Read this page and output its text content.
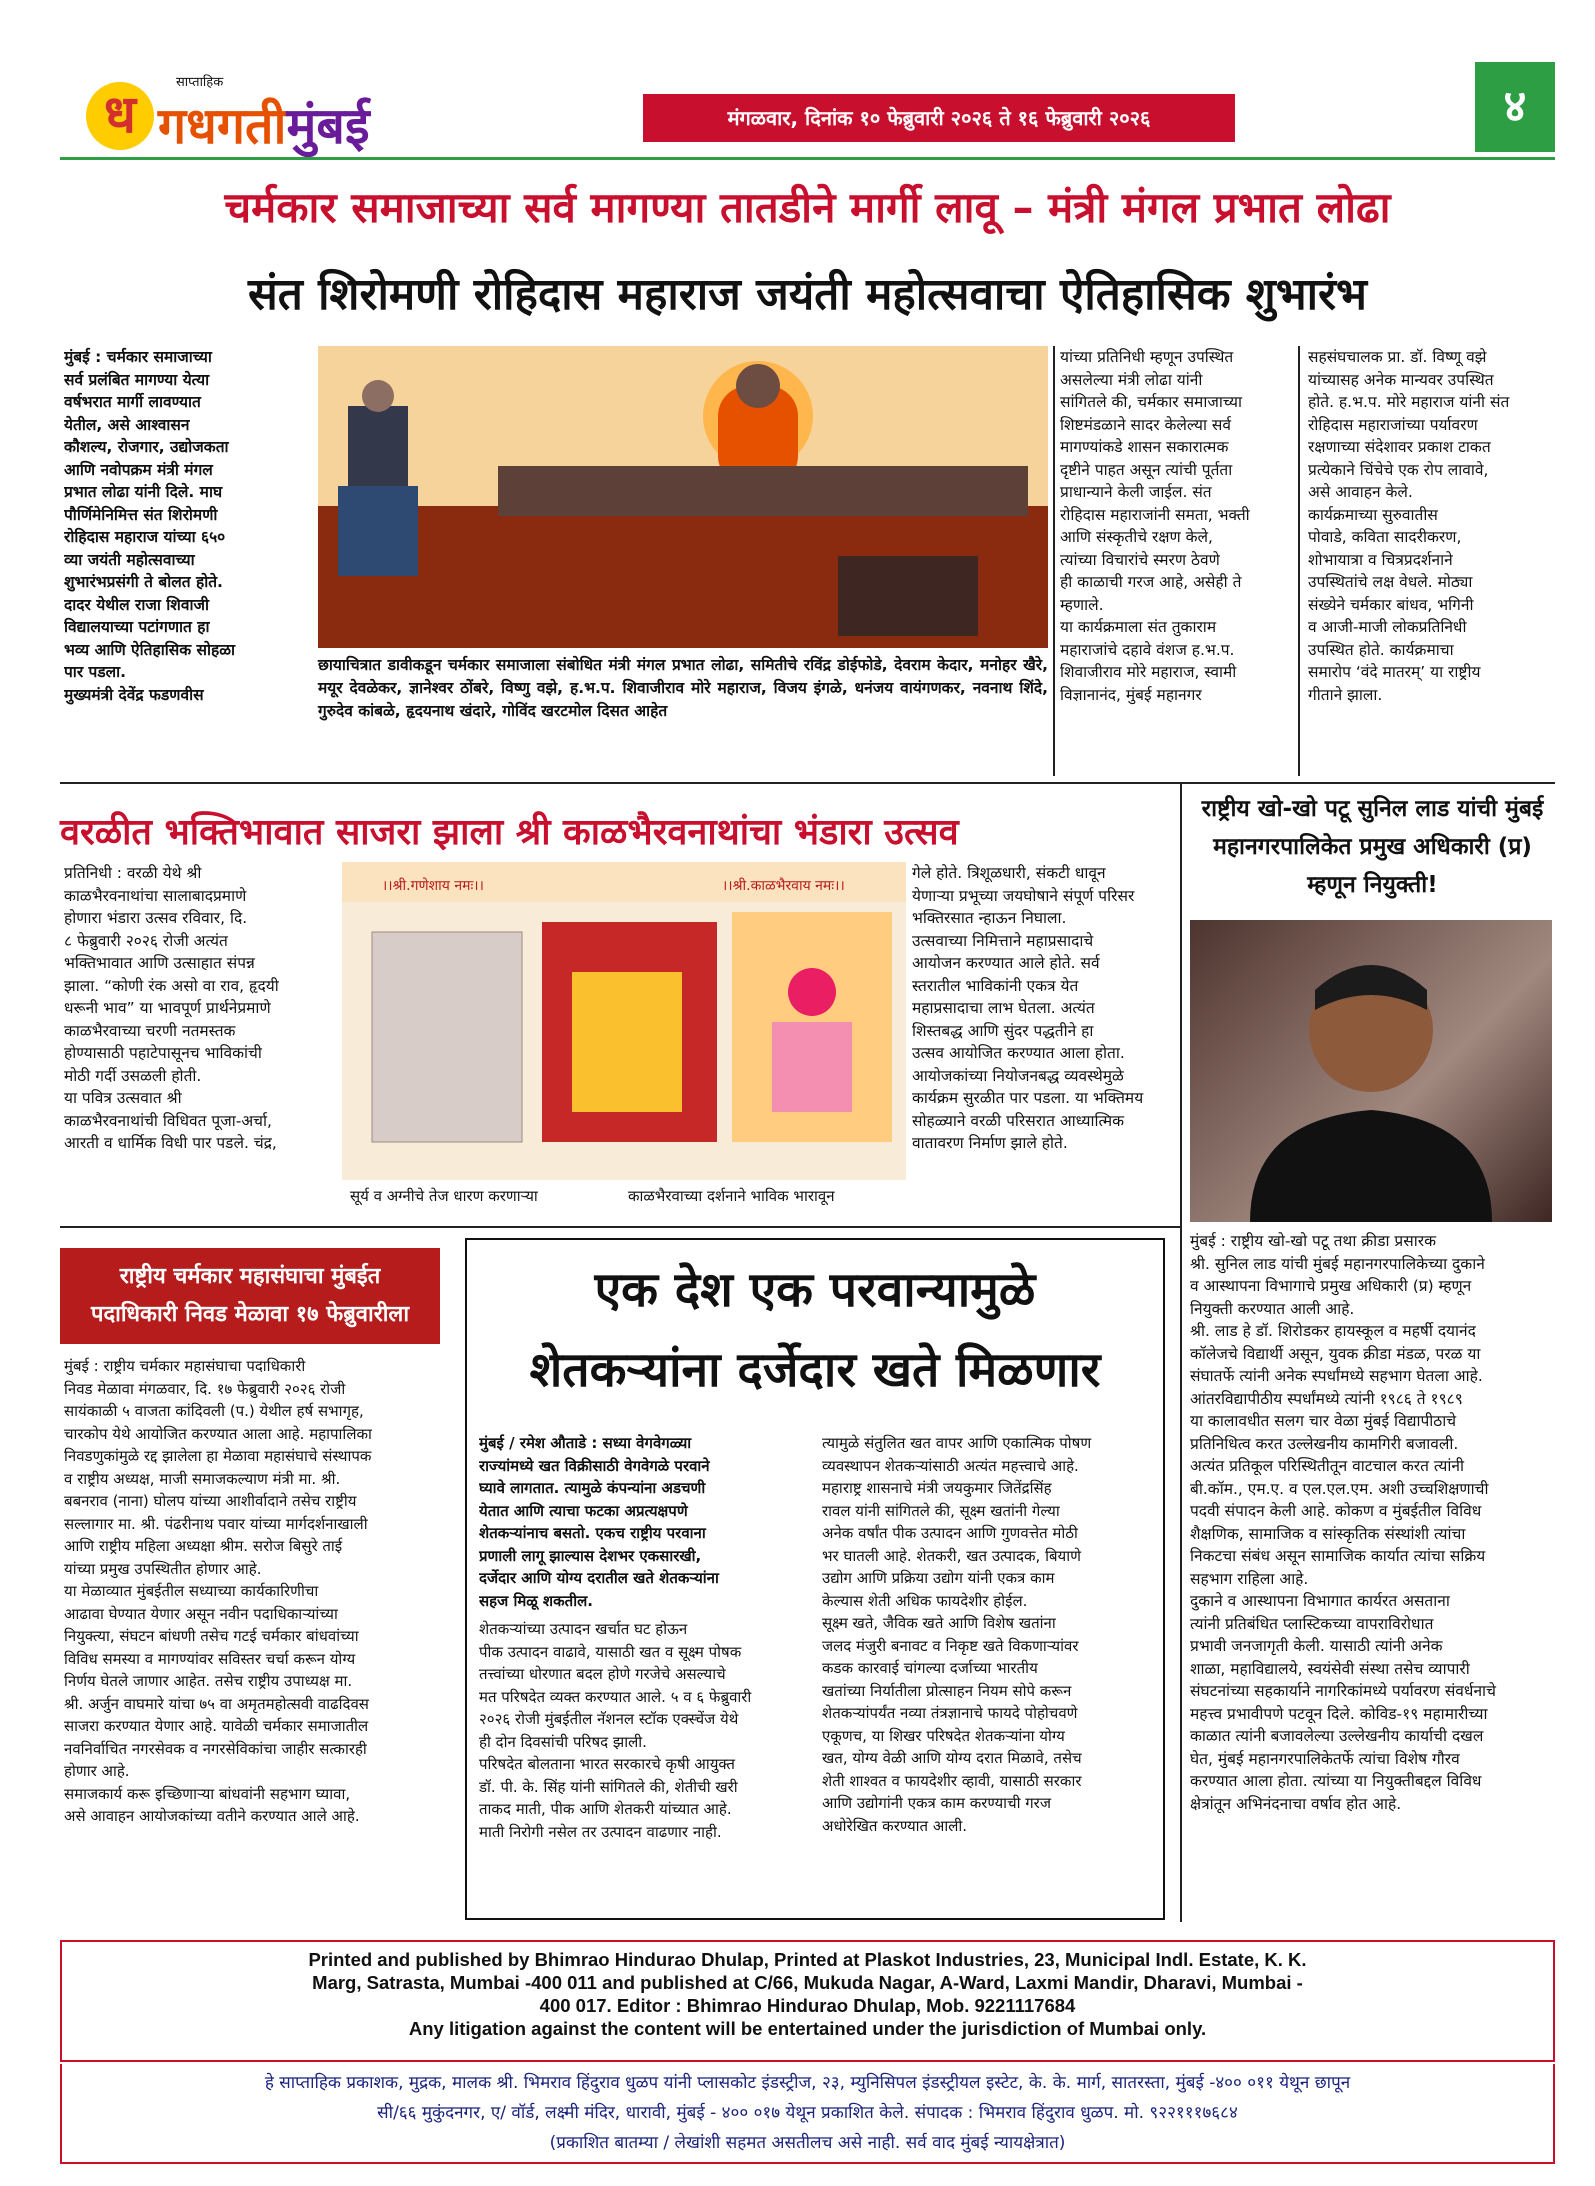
साप्ताहिक
ध गधगतीमुंबई	मंगळवार, दिनांक १० फेब्रुवारी २०२६ ते १६ फेब्रुवारी २०२६	४
चर्मकार समाजाच्या सर्व मागण्या तातडीने मार्गी लावू – मंत्री मंगल प्रभात लोढा
संत शिरोमणी रोहिदास महाराज जयंती महोत्सवाचा ऐतिहासिक शुभारंभ
मुंबई : चर्मकार समाजाच्या
सर्व प्रलंबित मागण्या येत्या
वर्षभरात मार्गी लावण्यात
येतील, असे आश्वासन
कौशल्य, रोजगार, उद्योजकता
आणि नवोपक्रम मंत्री मंगल
प्रभात लोढा यांनी दिले. माघ
पौर्णिमेनिमित्त संत शिरोमणी
रोहिदास महाराज यांच्या ६५०
व्या जयंती महोत्सवाच्या
शुभारंभप्रसंगी ते बोलत होते.
दादर येथील राजा शिवाजी
विद्यालयाच्या पटांगणात हा
भव्य आणि ऐतिहासिक सोहळा
पार पडला.
मुख्यमंत्री देवेंद्र फडणवीस
छायाचित्रात डावीकडून चर्मकार समाजाला संबोधित मंत्री मंगल प्रभात लोढा, समितीचे रविंद्र डोईफोडे, देवराम केदार, मनोहर खैरे, मयूर देवळेकर, ज्ञानेश्वर ठोंबरे, विष्णु वझे, ह.भ.प. शिवाजीराव मोरे महाराज, विजय इंगळे, धनंजय वायंगणकर, नवनाथ शिंदे, गुरुदेव कांबळे, हृदयनाथ खंदारे, गोविंद खरटमोल दिसत आहेत
यांच्या प्रतिनिधी म्हणून उपस्थित
असलेल्या मंत्री लोढा यांनी
सांगितले की, चर्मकार समाजाच्या
शिष्टमंडळाने सादर केलेल्या सर्व
मागण्यांकडे शासन सकारात्मक
दृष्टीने पाहत असून त्यांची पूर्तता
प्राधान्याने केली जाईल. संत
रोहिदास महाराजांनी समता, भक्ती
आणि संस्कृतीचे रक्षण केले,
त्यांच्या विचारांचे स्मरण ठेवणे
ही काळाची गरज आहे, असेही ते
म्हणाले.
या कार्यक्रमाला संत तुकाराम
महाराजांचे दहावे वंशज ह.भ.प.
शिवाजीराव मोरे महाराज, स्वामी
विज्ञानानंद, मुंबई महानगर
सहसंघचालक प्रा. डॉ. विष्णू वझे
यांच्यासह अनेक मान्यवर उपस्थित
होते. ह.भ.प. मोरे महाराज यांनी संत
रोहिदास महाराजांच्या पर्यावरण
रक्षणाच्या संदेशावर प्रकाश टाकत
प्रत्येकाने चिंचेचे एक रोप लावावे,
असे आवाहन केले.
कार्यक्रमाच्या सुरुवातीस
पोवाडे, कविता सादरीकरण,
शोभायात्रा व चित्रप्रदर्शनाने
उपस्थितांचे लक्ष वेधले. मोठ्या
संख्येने चर्मकार बांधव, भगिनी
व आजी-माजी लोकप्रतिनिधी
उपस्थित होते. कार्यक्रमाचा
समारोप ‘वंदे मातरम्’ या राष्ट्रीय
गीताने झाला.
वरळीत भक्तिभावात साजरा झाला श्री काळभैरवनाथांचा भंडारा उत्सव
प्रतिनिधी : वरळी येथे श्री
काळभैरवनाथांचा सालाबादप्रमाणे
होणारा भंडारा उत्सव रविवार, दि.
८ फेब्रुवारी २०२६ रोजी अत्यंत
भक्तिभावात आणि उत्साहात संपन्न
झाला. “कोणी रंक असो वा राव, हृदयी
धरूनी भाव” या भावपूर्ण प्रार्थनेप्रमाणे
काळभैरवाच्या चरणी नतमस्तक
होण्यासाठी पहाटेपासूनच भाविकांची
मोठी गर्दी उसळली होती.
या पवित्र उत्सवात श्री
काळभैरवनाथांची विधिवत पूजा-अर्चा,
आरती व धार्मिक विधी पार पडले. चंद्र,
।।श्री.गणेशाय नमः।।	।।श्री.काळभैरवाय नमः।।
सूर्य व अग्नीचे तेज धारण करणाऱ्या	काळभैरवाच्या दर्शनाने भाविक भारावून
गेले होते. त्रिशूळधारी, संकटी धावून
येणाऱ्या प्रभूच्या जयघोषाने संपूर्ण परिसर
भक्तिरसात न्हाऊन निघाला.
उत्सवाच्या निमित्ताने महाप्रसादाचे
आयोजन करण्यात आले होते. सर्व
स्तरातील भाविकांनी एकत्र येत
महाप्रसादाचा लाभ घेतला. अत्यंत
शिस्तबद्ध आणि सुंदर पद्धतीने हा
उत्सव आयोजित करण्यात आला होता.
आयोजकांच्या नियोजनबद्ध व्यवस्थेमुळे
कार्यक्रम सुरळीत पार पडला. या भक्तिमय
सोहळ्याने वरळी परिसरात आध्यात्मिक
वातावरण निर्माण झाले होते.
राष्ट्रीय खो-खो पटू सुनिल लाड यांची मुंबई महानगरपालिकेत प्रमुख अधिकारी (प्र) म्हणून नियुक्ती!
मुंबई : राष्ट्रीय खो-खो पटू तथा क्रीडा प्रसारक
श्री. सुनिल लाड यांची मुंबई महानगरपालिकेच्या दुकाने
व आस्थापना विभागाचे प्रमुख अधिकारी (प्र) म्हणून
नियुक्ती करण्यात आली आहे.
श्री. लाड हे डॉ. शिरोडकर हायस्कूल व महर्षी दयानंद
कॉलेजचे विद्यार्थी असून, युवक क्रीडा मंडळ, परळ या
संघातर्फे त्यांनी अनेक स्पर्धांमध्ये सहभाग घेतला आहे.
आंतरविद्यापीठीय स्पर्धांमध्ये त्यांनी १९८६ ते १९८९
या कालावधीत सलग चार वेळा मुंबई विद्यापीठाचे
प्रतिनिधित्व करत उल्लेखनीय कामगिरी बजावली.
अत्यंत प्रतिकूल परिस्थितीतून वाटचाल करत त्यांनी
बी.कॉम., एम.ए. व एल.एल.एम. अशी उच्चशिक्षणाची
पदवी संपादन केली आहे. कोकण व मुंबईतील विविध
शैक्षणिक, सामाजिक व सांस्कृतिक संस्थांशी त्यांचा
निकटचा संबंध असून सामाजिक कार्यात त्यांचा सक्रिय
सहभाग राहिला आहे.
दुकाने व आस्थापना विभागात कार्यरत असताना
त्यांनी प्रतिबंधित प्लास्टिकच्या वापराविरोधात
प्रभावी जनजागृती केली. यासाठी त्यांनी अनेक
शाळा, महाविद्यालये, स्वयंसेवी संस्था तसेच व्यापारी
संघटनांच्या सहकार्याने नागरिकांमध्ये पर्यावरण संवर्धनाचे
महत्त्व प्रभावीपणे पटवून दिले. कोविड-१९ महामारीच्या
काळात त्यांनी बजावलेल्या उल्लेखनीय कार्याची दखल
घेत, मुंबई महानगरपालिकेतर्फे त्यांचा विशेष गौरव
करण्यात आला होता. त्यांच्या या नियुक्तीबद्दल विविध
क्षेत्रांतून अभिनंदनाचा वर्षाव होत आहे.
राष्ट्रीय चर्मकार महासंघाचा मुंबईत
पदाधिकारी निवड मेळावा १७ फेब्रुवारीला
मुंबई : राष्ट्रीय चर्मकार महासंघाचा पदाधिकारी
निवड मेळावा मंगळवार, दि. १७ फेब्रुवारी २०२६ रोजी
सायंकाळी ५ वाजता कांदिवली (प.) येथील हर्ष सभागृह,
चारकोप येथे आयोजित करण्यात आला आहे. महापालिका
निवडणुकांमुळे रद्द झालेला हा मेळावा महासंघाचे संस्थापक
व राष्ट्रीय अध्यक्ष, माजी समाजकल्याण मंत्री मा. श्री.
बबनराव (नाना) घोलप यांच्या आशीर्वादाने तसेच राष्ट्रीय
सल्लागार मा. श्री. पंढरीनाथ पवार यांच्या मार्गदर्शनाखाली
आणि राष्ट्रीय महिला अध्यक्षा श्रीम. सरोज बिसुरे ताई
यांच्या प्रमुख उपस्थितीत होणार आहे.
या मेळाव्यात मुंबईतील सध्याच्या कार्यकारिणीचा
आढावा घेण्यात येणार असून नवीन पदाधिकाऱ्यांच्या
नियुक्त्या, संघटन बांधणी तसेच गटई चर्मकार बांधवांच्या
विविध समस्या व मागण्यांवर सविस्तर चर्चा करून योग्य
निर्णय घेतले जाणार आहेत. तसेच राष्ट्रीय उपाध्यक्ष मा.
श्री. अर्जुन वाघमारे यांचा ७५ वा अमृतमहोत्सवी वाढदिवस
साजरा करण्यात येणार आहे. यावेळी चर्मकार समाजातील
नवनिर्वाचित नगरसेवक व नगरसेविकांचा जाहीर सत्कारही
होणार आहे.
समाजकार्य करू इच्छिणाऱ्या बांधवांनी सहभाग घ्यावा,
असे आवाहन आयोजकांच्या वतीने करण्यात आले आहे.
एक देश एक परवान्यामुळे
शेतकऱ्यांना दर्जेदार खते मिळणार
मुंबई / रमेश औताडे : सध्या वेगवेगळ्या
राज्यांमध्ये खत विक्रीसाठी वेगवेगळे परवाने
घ्यावे लागतात. त्यामुळे कंपन्यांना अडचणी
येतात आणि त्याचा फटका अप्रत्यक्षपणे
शेतकऱ्यांनाच बसतो. एकच राष्ट्रीय परवाना
प्रणाली लागू झाल्यास देशभर एकसारखी,
दर्जेदार आणि योग्य दरातील खते शेतकऱ्यांना
सहज मिळू शकतील.
शेतकऱ्यांच्या उत्पादन खर्चात घट होऊन
पीक उत्पादन वाढावे, यासाठी खत व सूक्ष्म पोषक
तत्त्वांच्या धोरणात बदल होणे गरजेचे असल्याचे
मत परिषदेत व्यक्त करण्यात आले. ५ व ६ फेब्रुवारी
२०२६ रोजी मुंबईतील नॅशनल स्टॉक एक्स्चेंज येथे
ही दोन दिवसांची परिषद झाली.
परिषदेत बोलताना भारत सरकारचे कृषी आयुक्त
डॉ. पी. के. सिंह यांनी सांगितले की, शेतीची खरी
ताकद माती, पीक आणि शेतकरी यांच्यात आहे.
माती निरोगी नसेल तर उत्पादन वाढणार नाही.
त्यामुळे संतुलित खत वापर आणि एकात्मिक पोषण
व्यवस्थापन शेतकऱ्यांसाठी अत्यंत महत्त्वाचे आहे.
महाराष्ट्र शासनाचे मंत्री जयकुमार जितेंद्रसिंह
रावल यांनी सांगितले की, सूक्ष्म खतांनी गेल्या
अनेक वर्षांत पीक उत्पादन आणि गुणवत्तेत मोठी
भर घातली आहे. शेतकरी, खत उत्पादक, बियाणे
उद्योग आणि प्रक्रिया उद्योग यांनी एकत्र काम
केल्यास शेती अधिक फायदेशीर होईल.
सूक्ष्म खते, जैविक खते आणि विशेष खतांना
जलद मंजुरी बनावट व निकृष्ट खते विकणाऱ्यांवर
कडक कारवाई चांगल्या दर्जाच्या भारतीय
खतांच्या निर्यातीला प्रोत्साहन नियम सोपे करून
शेतकऱ्यांपर्यंत नव्या तंत्रज्ञानाचे फायदे पोहोचवणे
एकूणच, या शिखर परिषदेत शेतकऱ्यांना योग्य
खत, योग्य वेळी आणि योग्य दरात मिळावे, तसेच
शेती शाश्वत व फायदेशीर व्हावी, यासाठी सरकार
आणि उद्योगांनी एकत्र काम करण्याची गरज
अधोरेखित करण्यात आली.
Printed and published by Bhimrao Hindurao Dhulap, Printed at Plaskot Industries, 23, Municipal Indl. Estate, K. K.
Marg, Satrasta, Mumbai -400 011 and published at C/66, Mukuda Nagar, A-Ward, Laxmi Mandir, Dharavi, Mumbai -
400 017. Editor : Bhimrao Hindurao Dhulap, Mob. 9221117684
Any litigation against the content will be entertained under the jurisdiction of Mumbai only.
हे साप्ताहिक प्रकाशक, मुद्रक, मालक श्री. भिमराव हिंदुराव धुळप यांनी प्लासकोट इंडस्ट्रीज, २३, म्युनिसिपल इंडस्ट्रीयल इस्टेट, के. के. मार्ग, सातरस्ता, मुंबई -४०० ०११ येथून छापून
सी/६६ मुकुंदनगर, ए/ वॉर्ड, लक्ष्मी मंदिर, धारावी, मुंबई - ४०० ०१७ येथून प्रकाशित केले. संपादक : भिमराव हिंदुराव धुळप. मो. ९२२१११७६८४
(प्रकाशित बातम्या / लेखांशी सहमत असतीलच असे नाही. सर्व वाद मुंबई न्यायक्षेत्रात)
